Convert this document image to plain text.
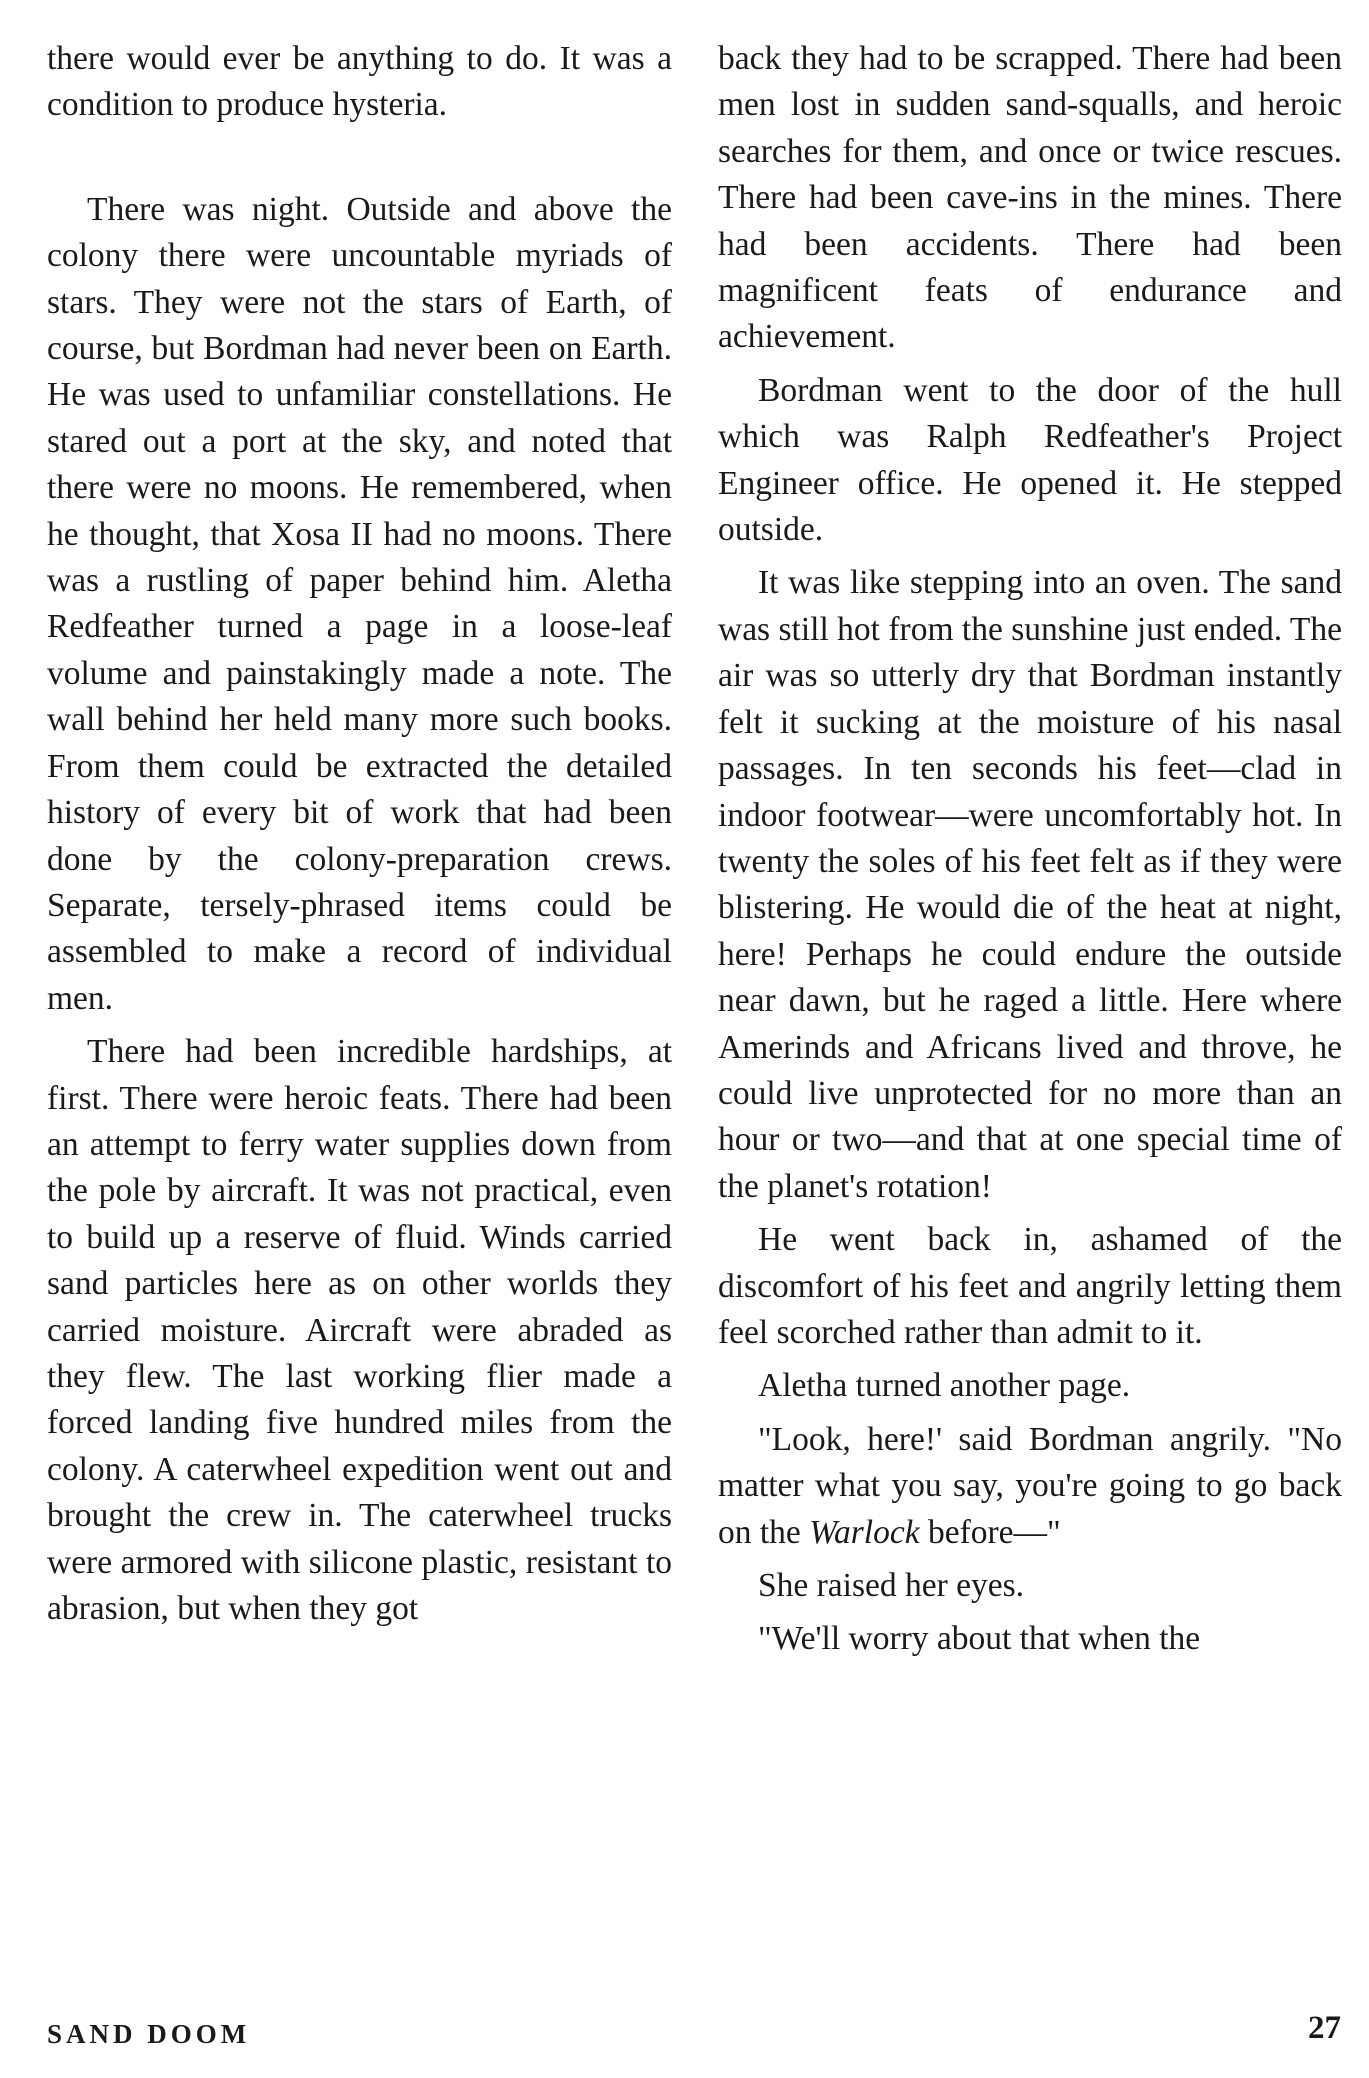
there would ever be anything to do. It was a condition to produce hysteria.

There was night. Outside and above the colony there were uncountable myriads of stars. They were not the stars of Earth, of course, but Bordman had never been on Earth. He was used to unfamiliar constellations. He stared out a port at the sky, and noted that there were no moons. He remembered, when he thought, that Xosa II had no moons. There was a rustling of paper behind him. Aletha Redfeather turned a page in a loose-leaf volume and painstakingly made a note. The wall behind her held many more such books. From them could be extracted the detailed history of every bit of work that had been done by the colony-preparation crews. Separate, tersely-phrased items could be assembled to make a record of individual men.

There had been incredible hardships, at first. There were heroic feats. There had been an attempt to ferry water supplies down from the pole by aircraft. It was not practical, even to build up a reserve of fluid. Winds carried sand particles here as on other worlds they carried moisture. Aircraft were abraded as they flew. The last working flier made a forced landing five hundred miles from the colony. A caterwheel expedition went out and brought the crew in. The caterwheel trucks were armored with silicone plastic, resistant to abrasion, but when they got

back they had to be scrapped. There had been men lost in sudden sand-squalls, and heroic searches for them, and once or twice rescues. There had been cave-ins in the mines. There had been accidents. There had been magnificent feats of endurance and achievement.

Bordman went to the door of the hull which was Ralph Redfeather's Project Engineer office. He opened it. He stepped outside.

It was like stepping into an oven. The sand was still hot from the sunshine just ended. The air was so utterly dry that Bordman instantly felt it sucking at the moisture of his nasal passages. In ten seconds his feet—clad in indoor footwear—were uncomfortably hot. In twenty the soles of his feet felt as if they were blistering. He would die of the heat at night, here! Perhaps he could endure the outside near dawn, but he raged a little. Here where Amerinds and Africans lived and throve, he could live unprotected for no more than an hour or two—and that at one special time of the planet's rotation!

He went back in, ashamed of the discomfort of his feet and angrily letting them feel scorched rather than admit to it.

Aletha turned another page.

"Look, here!' said Bordman angrily. "No matter what you say, you're going to go back on the Warlock before—"

She raised her eyes.

"We'll worry about that when the

SAND DOOM	27
